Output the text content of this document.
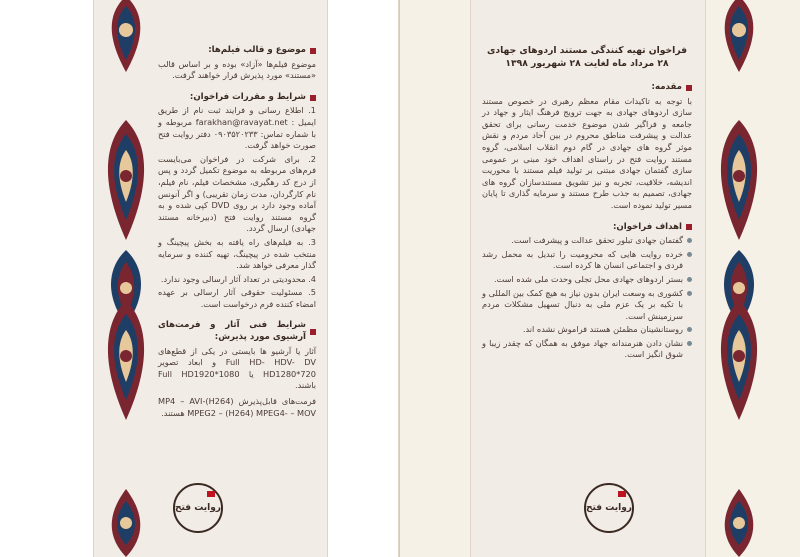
موضوع و قالب فیلم‌ها:

موضوع فیلم‌ها «آزاد» بوده و بر اساس قالب «مستند» مورد پذیرش قرار خواهند گرفت.

شرایط و مقررات فراخوان:

1. اطلاع رسانی و فرایند ثبت نام از طریق ایمیل : farakhan@ravayat.net مربوطه و با شماره تماس: ۰۹۰۳۵۲۰۲۳۳ دفتر روایت فتح صورت خواهد گرفت.

2. برای شرکت در فراخوان می‌بایست فرم‌های مربوطه به موضوع تکمیل گردد و پس از درج کد رهگیری، مشخصات فیلم، نام فیلم، نام کارگردان، مدت زمان تقریبی) و اگر آنونس آماده وجود دارد بر روی DVD کپی شده و به گروه مستند روایت فتح (دبیرخانه مستند جهادی) ارسال گردد.

3. به فیلم‌های راه یافته به بخش پیچینگ و منتخب شده در پیچینگ، تهیه کننده و سرمایه گذار معرفی خواهد شد.

4. محدودیتی در تعداد آثار ارسالی وجود ندارد.

5. مسئولیت حقوقی آثار ارسالی بر عهده امضاء کننده فرم درخواست است.

شرایط فنی آثار و فرمت‌های آرشیوی مورد پذیرش:

آثار یا آرشیو ها بایستی در یکی از قطع‌های Full HD- HDV- DV و ابعاد تصویر HD1280*720 یا Full HD1920*1080 باشند.

فرمت‌های قابل‌پذیرش (H264)MP4 – AVI- MPEG2 – (H264) MPEG4- – MOV هستند.

روایت فتح

فراخوان تهیه کنندگی مستند اردوهای جهادی ۲۸ مرداد ماه لغایت ۲۸ شهریور ۱۳۹۸

مقدمه:

با توجه به تاکیدات مقام معظم رهبری در خصوص مستند سازی اردوهای جهادی به جهت ترویج فرهنگ ایثار و جهاد در جامعه و فراگیر شدن موضوع خدمت رسانی برای تحقق عدالت و پیشرفت مناطق محروم در بین آحاد مردم و نقش موثر گروه های جهادی در گام دوم انقلاب اسلامی، گروه مستند روایت فتح در راستای اهداف خود مبنی بر عمومی سازی گفتمان جهادی مبتنی بر تولید فیلم مستند با محوریت اندیشه، خلاقیت، تجربه و نیز تشویق مستندسازان گروه های جهادی، تصمیم به جذب طرح مستند و سرمایه گذاری تا پایان مسیر تولید نموده است.

اهداف فراخوان:
گفتمان جهادی تبلور تحقق عدالت و پیشرفت است.
خرده روایت هایی که محرومیت را تبدیل به محمل رشد فردی و اجتماعی انسان ها کرده است.
بستر اردوهای جهادی محل تجلی وحدت ملی شده است.
کشوری به وسعت ایران بدون نیاز به هیچ کمک بین المللی و با تکیه بر یک عزم ملی به دنبال تسهیل مشکلات مردم سرزمینش است.
روستانشینان مظمئن هستند فراموش نشده اند.
نشان دادن هنرمندانه جهاد موفق به همگان که چقدر زیبا و شوق انگیز است.
روایت فتح
